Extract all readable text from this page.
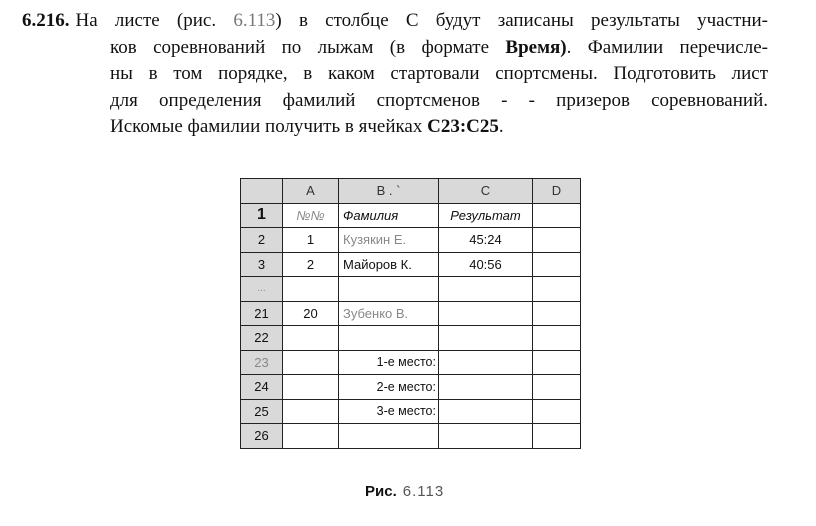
6.216. На листе (рис. 6.113) в столбце С будут записаны результаты участни-
ков соревнований по лыжам (в формате Время). Фамилии перечисле-
ны в том порядке, в каком стартовали спортсмены. Подготовить лист
для определения фамилий спортсменов - - призеров соревнований.
Искомые фамилии получить в ячейках С23:С25.
	A	B . `	C	D
1	№№	Фамилия	Результат	
2	1	Кузякин Е.	45:24	
3	2	Майоров К.	40:56	
...				
21	20	Зубенко В.		
22				
23		1-е место:		
24		2-е место:		
25		3-е место:		
26				
Рис. 6.113
